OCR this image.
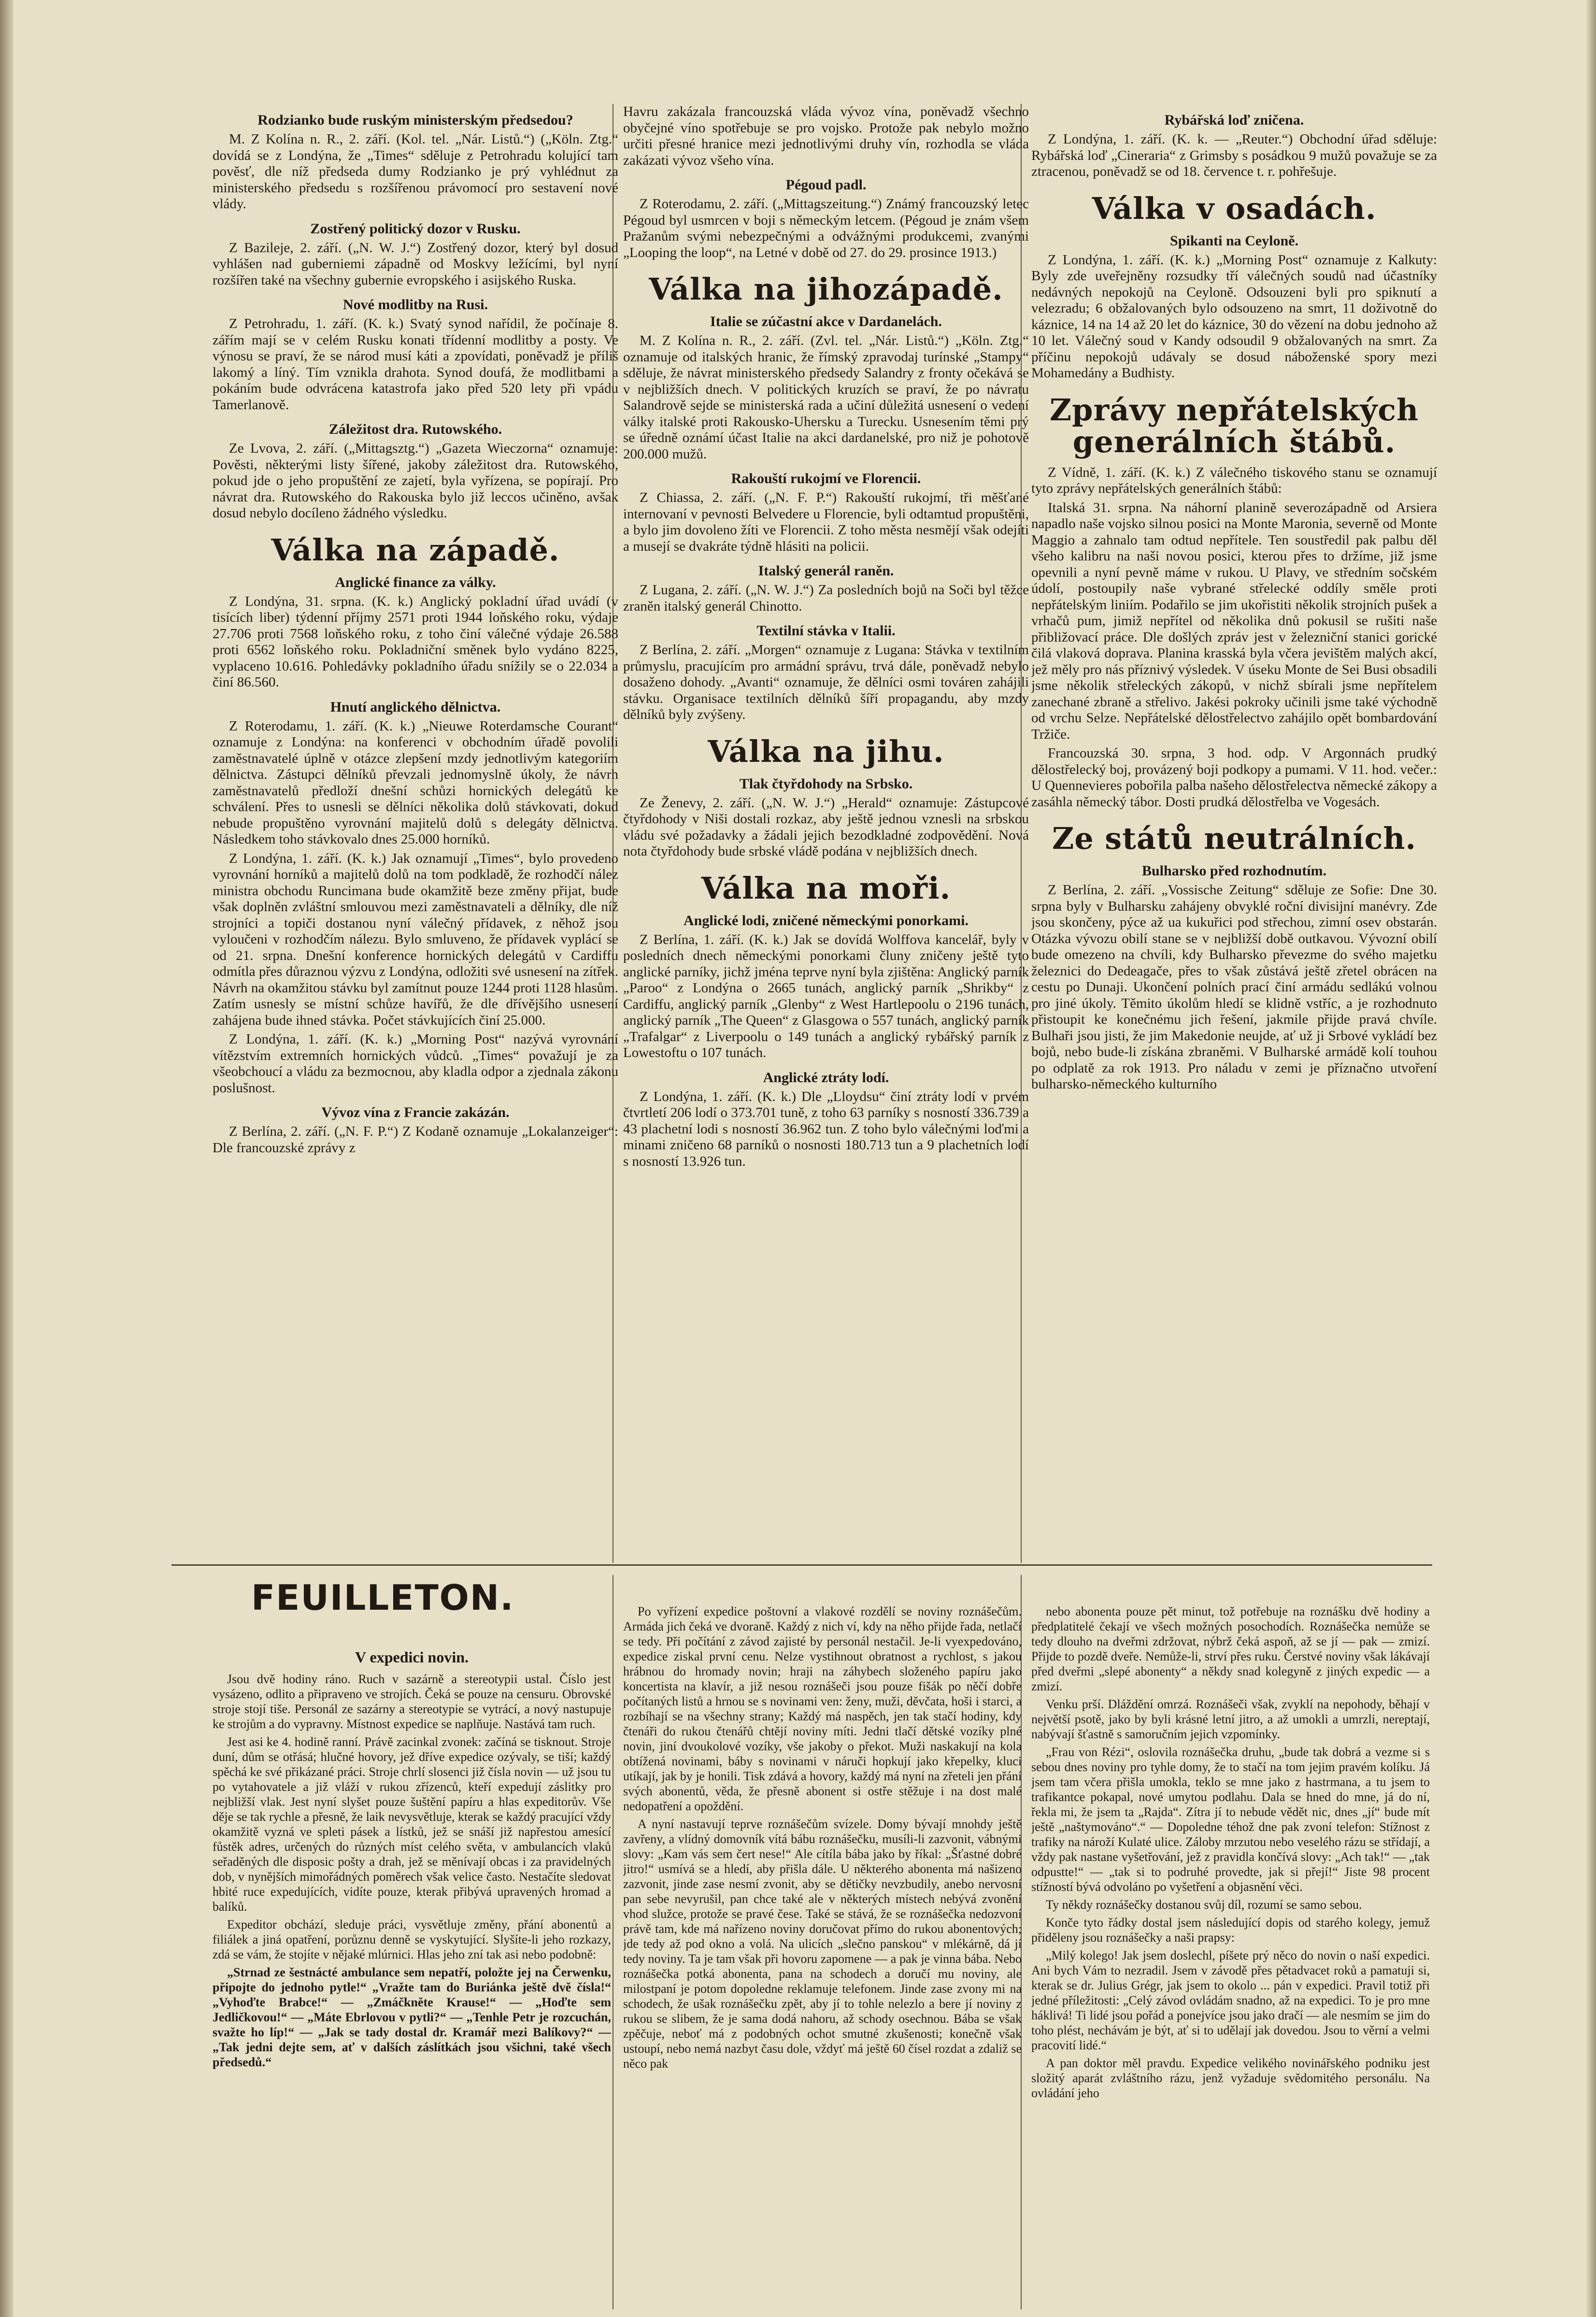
Rodzianko bude ruským ministerským předsedou?

M. Z Kolína n. R., 2. září. (Kol. tel. „Nár. Listů.“) („Köln. Ztg.“ dovídá se z Londýna, že „Times“ sděluje z Petrohradu kolující tam pověsť, dle níž předseda dumy Rodzianko je prý vyhlédnut za ministerského předsedu s rozšířenou právomocí pro sestavení nové vlády.

Zostřený politický dozor v Rusku.

Z Bazileje, 2. září. („N. W. J.“) Zostřený dozor, který byl dosud vyhlášen nad guberniemi západně od Moskvy ležícími, byl nyní rozšířen také na všechny gubernie evropského i asijského Ruska.

Nové modlitby na Rusi.

Z Petrohradu, 1. září. (K. k.) Svatý synod nařídil, že počínaje 8. zářím mají se v celém Rusku konati třídenní modlitby a posty. Ve výnosu se praví, že se národ musí káti a zpovídati, poněvadž je příliš lakomý a líný. Tím vznikla drahota. Synod doufá, že modlitbami a pokáním bude odvrácena katastrofa jako před 520 lety při vpádu Tamerlanově.

Záležitost dra. Rutowského.

Ze Lvova, 2. září. („Mittagsztg.“) „Gazeta Wieczorna“ oznamuje: Pověsti, některými listy šířené, jakoby záležitost dra. Rutowského, pokud jde o jeho propuštění ze zajetí, byla vyřízena, se popírají. Pro návrat dra. Rutowského do Rakouska bylo již leccos učiněno, avšak dosud nebylo docíleno žádného výsledku.

Válka na západě.
Anglické finance za války.

Z Londýna, 31. srpna. (K. k.) Anglický pokladní úřad uvádí (v tisících liber) týdenní příjmy 2571 proti 1944 loňského roku, výdaje 27.706 proti 7568 loňského roku, z toho činí válečné výdaje 26.588 proti 6562 loňského roku. Pokladniční směnek bylo vydáno 8225, vyplaceno 10.616. Pohledávky pokladního úřadu snížily se o 22.034 a činí 86.560.

Hnutí anglického dělnictva.

Z Roterodamu, 1. září. (K. k.) „Nieuwe Roterdamsche Courant“ oznamuje z Londýna: na konferenci v obchodním úřadě povolili zaměstnavatelé úplně v otázce zlepšení mzdy jednotlivým kategoriím dělnictva. Zástupci dělníků převzali jednomyslně úkoly, že návrh zaměstnavatelů předloží dnešní schůzi hornických delegátů ke schválení. Přes to usnesli se dělníci několika dolů stávkovati, dokud nebude propuštěno vyrovnání majitelů dolů s delegáty dělnictva. Následkem toho stávkovalo dnes 25.000 horníků.

Z Londýna, 1. září. (K. k.) Jak oznamují „Times“, bylo provedeno vyrovnání horníků a majitelů dolů na tom podkladě, že rozhodčí nález ministra obchodu Runcimana bude okamžitě beze změny přijat, bude však doplněn zvláštní smlouvou mezi zaměstnavateli a dělníky, dle níž strojníci a topiči dostanou nyní válečný přídavek, z něhož jsou vyloučeni v rozhodčím nálezu. Bylo smluveno, že přídavek vyplácí se od 21. srpna. Dnešní konference hornických delegátů v Cardiffu odmítla přes důraznou výzvu z Londýna, odložiti své usnesení na zítřek. Návrh na okamžitou stávku byl zamítnut pouze 1244 proti 1128 hlasům. Zatím usnesly se místní schůze havířů, že dle dřívějšího usnesení zahájena bude ihned stávka. Počet stávkujících činí 25.000.

Z Londýna, 1. září. (K. k.) „Morning Post“ nazývá vyrovnání vítězstvím extremních hornických vůdců. „Times“ považují je za všeobchoucí a vládu za bezmocnou, aby kladla odpor a zjednala zákonu poslušnost.

Vývoz vína z Francie zakázán.

Z Berlína, 2. září. („N. F. P.“) Z Kodaně oznamuje „Lokalanzeiger“: Dle francouzské zprávy z

Havru zakázala francouzská vláda vývoz vína, poněvadž všechno obyčejné víno spotřebuje se pro vojsko. Protože pak nebylo možno určiti přesné hranice mezi jednotlivými druhy vín, rozhodla se vláda zakázati vývoz všeho vína.

Pégoud padl.

Z Roterodamu, 2. září. („Mittagszeitung.“) Známý francouzský letec Pégoud byl usmrcen v boji s německým letcem. (Pégoud je znám všem Pražanům svými nebezpečnými a odvážnými produkcemi, zvanými „Looping the loop“, na Letné v době od 27. do 29. prosince 1913.)

Válka na jihozápadě.
Italie se zúčastní akce v Dardanelách.

M. Z Kolína n. R., 2. září. (Zvl. tel. „Nár. Listů.“) „Köln. Ztg.“ oznamuje od italských hranic, že římský zpravodaj turínské „Stampy“ sděluje, že návrat ministerského předsedy Salandry z fronty očekává se v nejbližších dnech. V politických kruzích se praví, že po návratu Salandrově sejde se ministerská rada a učiní důležitá usnesení o vedení války italské proti Rakousko-Uhersku a Turecku. Usnesením těmi prý se úředně oznámí účast Italie na akci dardanelské, pro niž je pohotově 200.000 mužů.

Rakouští rukojmí ve Florencii.

Z Chiassa, 2. září. („N. F. P.“) Rakouští rukojmí, tři měšťané internovaní v pevnosti Belvedere u Florencie, byli odtamtud propuštěni, a bylo jim dovoleno žíti ve Florencii. Z toho města nesmějí však odejíti a musejí se dvakráte týdně hlásiti na policii.

Italský generál raněn.

Z Lugana, 2. září. („N. W. J.“) Za posledních bojů na Soči byl těžce zraněn italský generál Chinotto.

Textilní stávka v Italii.

Z Berlína, 2. září. „Morgen“ oznamuje z Lugana: Stávka v textilním průmyslu, pracujícím pro armádní správu, trvá dále, poněvadž nebylo dosaženo dohody. „Avanti“ oznamuje, že dělníci osmi továren zahájili stávku. Organisace textilních dělníků šíří propagandu, aby mzdy dělníků byly zvýšeny.

Válka na jihu.
Tlak čtyřdohody na Srbsko.

Ze Ženevy, 2. září. („N. W. J.“) „Herald“ oznamuje: Zástupcové čtyřdohody v Niši dostali rozkaz, aby ještě jednou vznesli na srbskou vládu své požadavky a žádali jejich bezodkladné zodpovědění. Nová nota čtyřdohody bude srbské vládě podána v nejbližších dnech.

Válka na moři.
Anglické lodi, zničené německými ponorkami.

Z Berlína, 1. září. (K. k.) Jak se dovídá Wolffova kancelář, byly v posledních dnech německými ponorkami čluny zničeny ještě tyto anglické parníky, jichž jména teprve nyní byla zjištěna: Anglický parník „Paroo“ z Londýna o 2665 tunách, anglický parník „Shrikby“ z Cardiffu, anglický parník „Glenby“ z West Hartlepoolu o 2196 tunách, anglický parník „The Queen“ z Glasgowa o 557 tunách, anglický parník „Trafalgar“ z Liverpoolu o 149 tunách a anglický rybářský parník z Lowestoftu o 107 tunách.

Anglické ztráty lodí.

Z Londýna, 1. září. (K. k.) Dle „Lloydsu“ činí ztráty lodí v prvém čtvrtletí 206 lodí o 373.701 tuně, z toho 63 parníky s nosností 336.739 a 43 plachetní lodi s nosností 36.962 tun. Z toho bylo válečnými loďmi a minami zničeno 68 parníků o nosnosti 180.713 tun a 9 plachetních lodí s nosností 13.926 tun.

Rybářská loď zničena.

Z Londýna, 1. září. (K. k. — „Reuter.“) Obchodní úřad sděluje: Rybářská loď „Cineraria“ z Grimsby s posádkou 9 mužů považuje se za ztracenou, poněvadž se od 18. července t. r. pohřešuje.

Válka v osadách.
Spikanti na Ceyloně.

Z Londýna, 1. září. (K. k.) „Morning Post“ oznamuje z Kalkuty: Byly zde uveřejněny rozsudky tří válečných soudů nad účastníky nedávných nepokojů na Ceyloně. Odsouzeni byli pro spiknutí a velezradu; 6 obžalovaných bylo odsouzeno na smrt, 11 doživotně do káznice, 14 na 14 až 20 let do káznice, 30 do vězení na dobu jednoho až 10 let. Válečný soud v Kandy odsoudil 9 obžalovaných na smrt. Za příčinu nepokojů udávaly se dosud náboženské spory mezi Mohamedány a Budhisty.

Zprávy nepřátelských generálních štábů.

Z Vídně, 1. září. (K. k.) Z válečného tiskového stanu se oznamují tyto zprávy nepřátelských generálních štábů:

Italská 31. srpna. Na náhorní planině severozápadně od Arsiera napadlo naše vojsko silnou posici na Monte Maronia, severně od Monte Maggio a zahnalo tam odtud nepřítele. Ten soustředil pak palbu děl všeho kalibru na naši novou posici, kterou přes to držíme, již jsme opevnili a nyní pevně máme v rukou. U Plavy, ve středním sočském údolí, postoupily naše vybrané střelecké oddíly směle proti nepřátelským liniím. Podařilo se jim ukořistiti několik strojních pušek a vrhačů pum, jimiž nepřítel od několika dnů pokusil se rušiti naše přibližovací práce. Dle došlých zpráv jest v železniční stanici gorické čilá vlaková doprava. Planina krasská byla včera jevištěm malých akcí, jež měly pro nás příznivý výsledek. V úseku Monte de Sei Busi obsadili jsme několik střeleckých zákopů, v nichž sbírali jsme nepřítelem zanechané zbraně a střelivo. Jakési pokroky učinili jsme také východně od vrchu Selze. Nepřátelské dělostřelectvo zahájilo opět bombardování Tržiče.

Francouzská 30. srpna, 3 hod. odp. V Argonnách prudký dělostřelecký boj, provázený boji podkopy a pumami. V 11. hod. večer.: U Quennevieres pobořila palba našeho dělostřelectva německé zákopy a zasáhla německý tábor. Dosti prudká dělostřelba ve Vogesách.

Ze států neutrálních.
Bulharsko před rozhodnutím.

Z Berlína, 2. září. „Vossische Zeitung“ sděluje ze Sofie: Dne 30. srpna byly v Bulharsku zahájeny obvyklé roční divisijní manévry. Zde jsou skončeny, pýce až ua kukuřici pod střechou, zimní osev obstarán. Otázka vývozu obilí stane se v nejbližší době outkavou. Vývozní obilí bude omezeno na chvíli, kdy Bulharsko převezme do svého majetku železnici do Dedeagače, přes to však zůstává ještě zřetel obrácen na cestu po Dunaji. Ukončení polních prací činí armádu sedlákú volnou pro jiné úkoly. Těmito úkolům hledí se klidně vstříc, a je rozhodnuto přistoupit ke konečnému jich řešení, jakmile přijde pravá chvíle. Bulhaři jsou jisti, že jim Makedonie neujde, ať už ji Srbové vykládí bez bojů, nebo bude-li získána zbraněmi. V Bulharské armádě kolí touhou po odplatě za rok 1913. Pro náladu v zemi je příznačno utvoření bulharsko-německého kulturního

FEUILLETON.
V expedici novin.

Jsou dvě hodiny ráno. Ruch v sazárně a stereotypii ustal. Číslo jest vysázeno, odlito a připraveno ve strojích. Čeká se pouze na censuru. Obrovské stroje stojí tiše. Personál ze sazárny a stereotypie se vytrácí, a nový nastupuje ke strojům a do vypravny. Místnost expedice se naplňuje. Nastává tam ruch.

Jest asi ke 4. hodině ranní. Právě zacinkal zvonek: začíná se tisknout. Stroje duní, dům se otřásá; hlučné hovory, jež dříve expedice ozývaly, se tiší; každý spěchá ke své přikázané práci. Stroje chrlí slosenci již čísla novin — už jsou tu po vytahovatele a již vláží v rukou zřízenců, kteří expedují záslitky pro nejbližší vlak. Jest nyní slyšet pouze šuštění papíru a hlas expeditorův. Vše děje se tak rychle a přesně, že laik nevysvětluje, kterak se každý pracující vždy okamžitě vyzná ve spleti pásek a lístků, jež se snáší již napřestou amesící fůstěk adres, určených do různých míst celého světa, v ambulancích vlaků seřaděných dle disposic pošty a drah, jež se měnívají obcas i za pravidelných dob, v nynějších mimořádných poměrech však velice často. Nestačíte sledovat hbité ruce expedujících, vidíte pouze, kterak přibývá upravených hromad a balíků.

Expeditor obchází, sleduje práci, vysvětluje změny, přání abonentů a filiálek a jiná opatření, porůznu denně se vyskytující. Slyšíte-li jeho rozkazy, zdá se vám, že stojíte v nějaké mlúrnici. Hlas jeho zní tak asi nebo podobně:

„Strnad ze šestnácté ambulance sem nepatří, položte jej na Čerwenku, připojte do jednoho pytle!“ „Vražte tam do Buriánka ještě dvě čísla!“ „Vyhoďte Brabce!“ — „Zmáčkněte Krause!“ — „Hoďte sem Jedličkovou!“ — „Máte Ebrlovou v pytli?“ — „Tenhle Petr je rozcuchán, svažte ho líp!“ — „Jak se tady dostal dr. Kramář mezi Balíkovy?“ — „Tak jedni dejte sem, ať v dalších záslítkách jsou všichni, také všech předsedů.“

Po vyřízení expedice poštovní a vlakové rozdělí se noviny roznášečům. Armáda jich čeká ve dvoraně. Každý z nich ví, kdy na něho přijde řada, netlačí se tedy. Při počítání z závod zajisté by personál nestačil. Je-li vyexpedováno, expedice ziskal první cenu. Nelze vystihnout obratnost a rychlost, s jakou hrábnou do hromady novin; hraji na záhybech složeného papíru jako koncertista na klavír, a již nesou roznášeči jsou pouze fišák po něčí dobře počítaných listů a hrnou se s novinami ven: ženy, muži, děvčata, hoši i starci, a rozbíhají se na všechny strany; Každý má naspěch, jen tak stačí hodiny, kdy čtenáři do rukou čtenářů chtějí noviny míti. Jedni tlačí dětské vozíky plné novin, jiní dvoukolové vozíky, vše jakoby o překot. Muži naskakují na kola obtížená novinami, báby s novinami v náruči hopkují jako křepelky, kluci utíkají, jak by je honili. Tisk zdává a hovory, každý má nyní na zřeteli jen přání svých abonentů, věda, že přesně abonent si ostře stěžuje i na dost malé nedopatření a opoždění.

A nyní nastavují teprve roznášečům svízele. Domy bývají mnohdy ještě zavřeny, a vlídný domovník vítá bábu roznášečku, musíli-li zazvonit, vábnými slovy: „Kam vás sem čert nese!“ Ale cítíla bába jako by říkal: „Šťastné dobré jitro!“ usmívá se a hledí, aby přišla dále. U některého abonenta má našizeno zazvonit, jinde zase nesmí zvonit, aby se dětičky nevzbudily, anebo nervosní pan sebe nevyrušil, pan chce také ale v některých místech nebývá zvonění vhod služce, protože se pravé čese. Také se stává, že se roznášečka nedozvoní právě tam, kde má nařízeno noviny doručovat přímo do rukou abonentových; jde tedy až pod okno a volá. Na ulicích „slečno panskou“ v mlékárně, dá jí tedy noviny. Ta je tam však při hovoru zapomene — a pak je vinna bába. Nebo roznášečka potká abonenta, pana na schodech a doručí mu noviny, ale milostpaní je potom dopoledne reklamuje telefonem. Jinde zase zvony mi na schodech, že ušak roznášečku zpět, aby jí to tohle nelezlo a bere jí noviny z rukou se slibem, že je sama dodá nahoru, až schody osechnou. Bába se však zpěčuje, neboť má z podobných ochot smutné zkušenosti; konečně však ustoupí, nebo nemá nazbyt času dole, vždyť má ještě 60 čísel rozdat a zdaliž se něco pak

nebo abonenta pouze pět minut, tož potřebuje na roznášku dvě hodiny a předplatitelé čekají ve všech možných posochodích. Roznášečka nemůže se tedy dlouho na dveřmi zdržovat, nýbrž čeká aspoň, až se jí — pak — zmizí. Přijde to pozdě dveře. Nemůže-li, strví přes ruku. Čerstvé noviny však lákávají před dveřmi „slepé abonenty“ a někdy snad kolegyně z jiných expedic — a zmizí.

Venku prší. Dláždění omrzá. Roznášeči však, zvyklí na nepohody, běhají v největší psotě, jako by byli krásné letní jitro, a až umokli a umrzli, nereptají, nabývají šťastně s samoručním jejich vzpomínky.

„Frau von Rézi“, oslovila roznášečka druhu, „bude tak dobrá a vezme si s sebou dnes noviny pro tyhle domy, že to stačí na tom jejim pravém kolíku. Já jsem tam včera přišla umokla, teklo se mne jako z hastrmana, a tu jsem to trafikantce pokapal, nové umytou podlahu. Dala se hned do mne, já do ní, řekla mi, že jsem ta „Rajda“. Zítra jí to nebude vědět nic, dnes „jí“ bude mít ještě „naštymováno“.“ — Dopoledne téhož dne pak zvoní telefon: Stížnost z trafiky na nároží Kulaté ulice. Záloby mrzutou nebo veselého rázu se střídají, a vždy pak nastane vyšetřování, jež z pravidla končívá slovy: „Ach tak!“ — „tak odpustte!“ — „tak si to podruhé provedte, jak si přejí!“ Jiste 98 procent stížností bývá odvoláno po vyšetření a objasnění věci.

Ty někdy roznášečky dostanou svůj díl, rozumí se samo sebou.

Konče tyto řádky dostal jsem následující dopis od starého kolegy, jemuž přiděleny jsou roznášečky a naši prapsy:

„Milý kolego! Jak jsem doslechl, píšete prý něco do novin o naší expedici. Ani bych Vám to nezradil. Jsem v závodě přes pětadvacet roků a pamatuji si, kterak se dr. Julius Grégr, jak jsem to okolo ... pán v expedici. Pravil totiž při jedné příležitosti: „Celý závod ovládám snadno, až na expedici. To je pro mne háklivá! Ti lidé jsou pořád a ponejvíce jsou jako dračí — ale nesmím se jim do toho plést, nechávám je být, ať si to udělají jak dovedou. Jsou to věrní a velmi pracovití lidé.“

A pan doktor měl pravdu. Expedice velikého novinářského podniku jest složitý aparát zvláštního rázu, jenž vyžaduje svědomitého personálu. Na ovládání jeho
